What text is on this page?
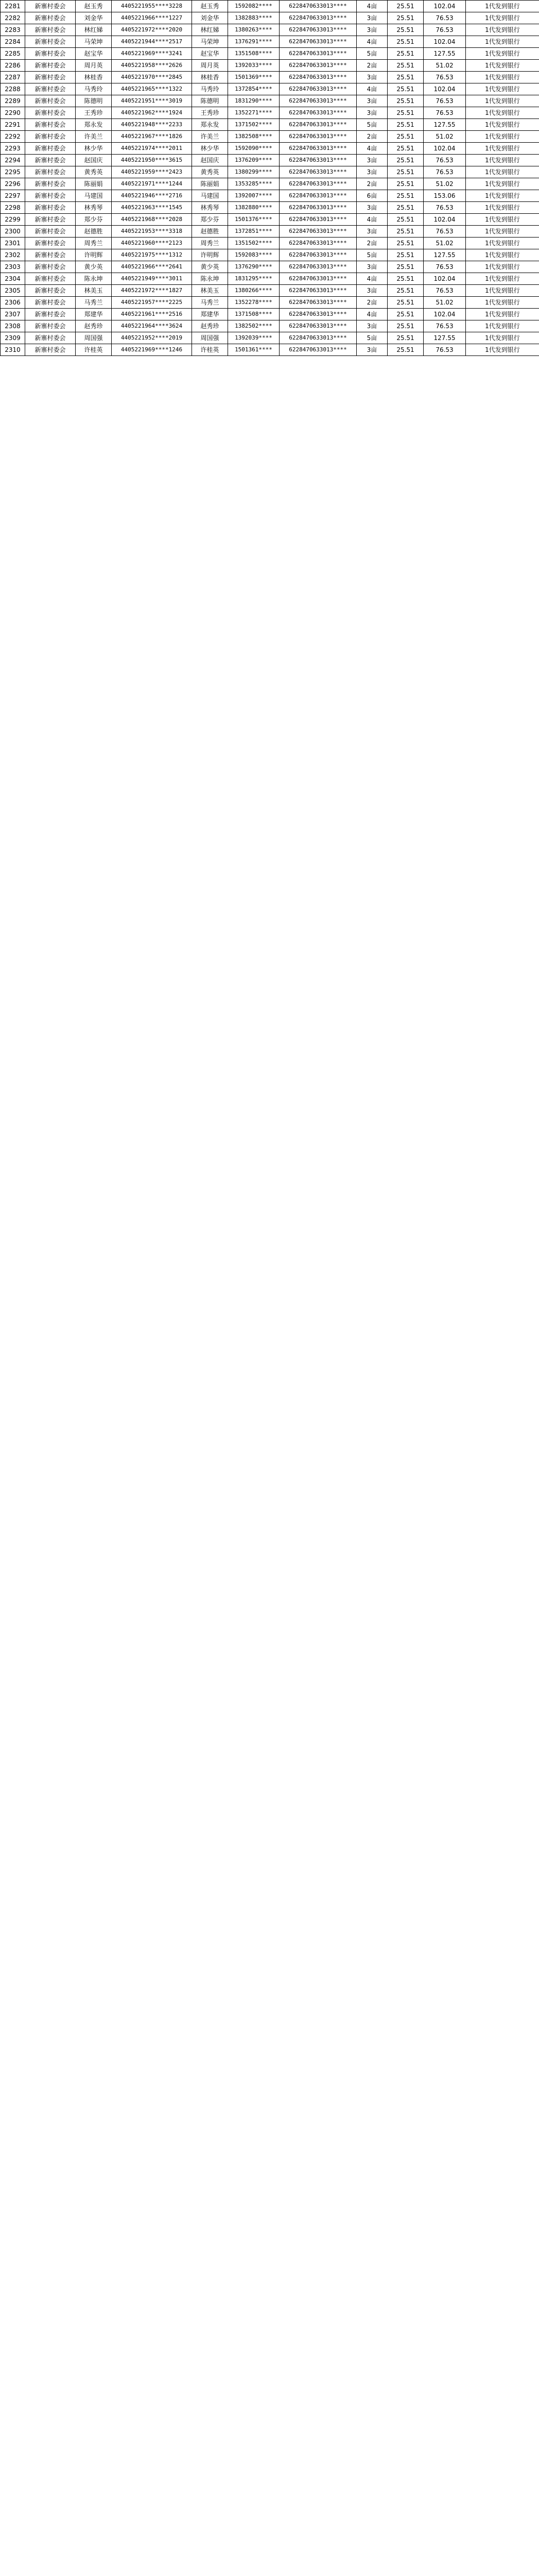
2281	新寨村委会	赵玉秀	4405221955****3228	赵玉秀	1592082****	6228470633013****	4亩	25.51	102.04	1代发到银行
2282	新寨村委会	刘金华	4405221966****1227	刘金华	1382883****	6228470633013****	3亩	25.51	76.53	1代发到银行
2283	新寨村委会	林红娣	4405221972****2020	林红娣	1380263****	6228470633013****	3亩	25.51	76.53	1代发到银行
2284	新寨村委会	马荣坤	4405221944****2517	马荣坤	1376291****	6228470633013****	4亩	25.51	102.04	1代发到银行
2285	新寨村委会	赵宝华	4405221969****3241	赵宝华	1351508****	6228470633013****	5亩	25.51	127.55	1代发到银行
2286	新寨村委会	周月英	4405221958****2626	周月英	1392033****	6228470633013****	2亩	25.51	51.02	1代发到银行
2287	新寨村委会	林桂香	4405221970****2845	林桂香	1501369****	6228470633013****	3亩	25.51	76.53	1代发到银行
2288	新寨村委会	马秀玲	4405221965****1322	马秀玲	1372854****	6228470633013****	4亩	25.51	102.04	1代发到银行
2289	新寨村委会	陈德明	4405221951****3019	陈德明	1831290****	6228470633013****	3亩	25.51	76.53	1代发到银行
2290	新寨村委会	王秀珍	4405221962****1924	王秀珍	1352271****	6228470633013****	3亩	25.51	76.53	1代发到银行
2291	新寨村委会	郑永发	4405221948****2233	郑永发	1371502****	6228470633013****	5亩	25.51	127.55	1代发到银行
2292	新寨村委会	许美兰	4405221967****1826	许美兰	1382508****	6228470633013****	2亩	25.51	51.02	1代发到银行
2293	新寨村委会	林少华	4405221974****2011	林少华	1592090****	6228470633013****	4亩	25.51	102.04	1代发到银行
2294	新寨村委会	赵国庆	4405221950****3615	赵国庆	1376209****	6228470633013****	3亩	25.51	76.53	1代发到银行
2295	新寨村委会	黄秀英	4405221959****2423	黄秀英	1380299****	6228470633013****	3亩	25.51	76.53	1代发到银行
2296	新寨村委会	陈丽娟	4405221971****1244	陈丽娟	1353285****	6228470633013****	2亩	25.51	51.02	1代发到银行
2297	新寨村委会	马建国	4405221946****2716	马建国	1392007****	6228470633013****	6亩	25.51	153.06	1代发到银行
2298	新寨村委会	林秀琴	4405221963****1545	林秀琴	1382880****	6228470633013****	3亩	25.51	76.53	1代发到银行
2299	新寨村委会	郑少芬	4405221968****2028	郑少芬	1501376****	6228470633013****	4亩	25.51	102.04	1代发到银行
2300	新寨村委会	赵德胜	4405221953****3318	赵德胜	1372851****	6228470633013****	3亩	25.51	76.53	1代发到银行
2301	新寨村委会	周秀兰	4405221960****2123	周秀兰	1351502****	6228470633013****	2亩	25.51	51.02	1代发到银行
2302	新寨村委会	许明辉	4405221975****1312	许明辉	1592083****	6228470633013****	5亩	25.51	127.55	1代发到银行
2303	新寨村委会	黄少英	4405221966****2641	黄少英	1376290****	6228470633013****	3亩	25.51	76.53	1代发到银行
2304	新寨村委会	陈永坤	4405221949****3011	陈永坤	1831295****	6228470633013****	4亩	25.51	102.04	1代发到银行
2305	新寨村委会	林美玉	4405221972****1827	林美玉	1380266****	6228470633013****	3亩	25.51	76.53	1代发到银行
2306	新寨村委会	马秀兰	4405221957****2225	马秀兰	1352278****	6228470633013****	2亩	25.51	51.02	1代发到银行
2307	新寨村委会	郑建华	4405221961****2516	郑建华	1371508****	6228470633013****	4亩	25.51	102.04	1代发到银行
2308	新寨村委会	赵秀珍	4405221964****3624	赵秀珍	1382502****	6228470633013****	3亩	25.51	76.53	1代发到银行
2309	新寨村委会	周国强	4405221952****2019	周国强	1392039****	6228470633013****	5亩	25.51	127.55	1代发到银行
2310	新寨村委会	许桂英	4405221969****1246	许桂英	1501361****	6228470633013****	3亩	25.51	76.53	1代发到银行
